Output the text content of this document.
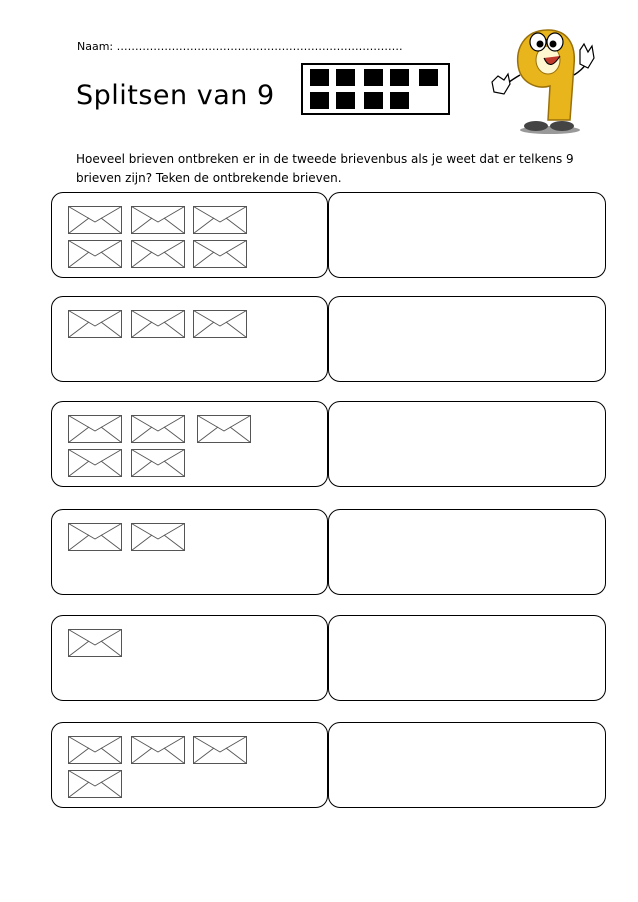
Naam: ……………………………………………………………………
Splitsen van 9
Hoeveel brieven ontbreken er in de tweede brievenbus als je weet dat er telkens 9 brieven zijn? Teken de ontbrekende brieven.
